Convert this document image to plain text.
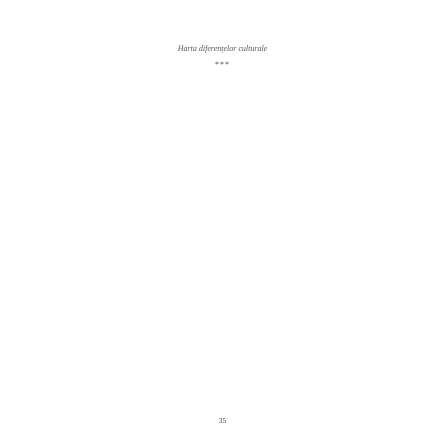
Harta diferențelor culturale
***

35
